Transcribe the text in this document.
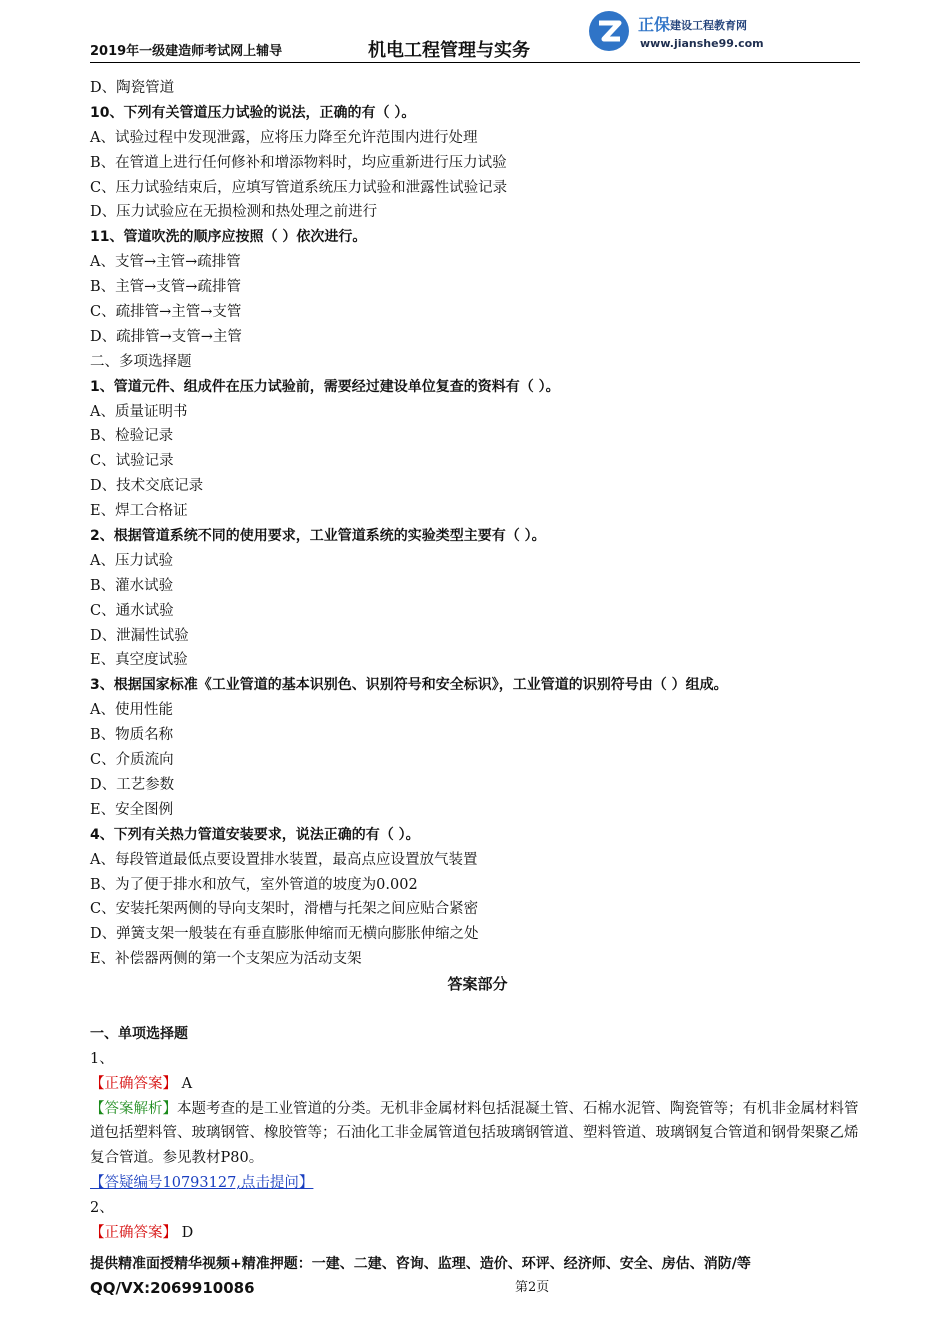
2019年一级建造师考试网上辅导	机电工程管理与实务
正保 建设工程教育网
www.jianshe99.com
D、陶瓷管道
10、下列有关管道压力试验的说法，正确的有（ ）。
A、试验过程中发现泄露，应将压力降至允许范围内进行处理
B、在管道上进行任何修补和增添物料时，均应重新进行压力试验
C、压力试验结束后，应填写管道系统压力试验和泄露性试验记录
D、压力试验应在无损检测和热处理之前进行
11、管道吹洗的顺序应按照（ ）依次进行。
A、支管→主管→疏排管
B、主管→支管→疏排管
C、疏排管→主管→支管
D、疏排管→支管→主管
二、多项选择题
1、管道元件、组成件在压力试验前，需要经过建设单位复查的资料有（ ）。
A、质量证明书
B、检验记录
C、试验记录
D、技术交底记录
E、焊工合格证
2、根据管道系统不同的使用要求，工业管道系统的实验类型主要有（ ）。
A、压力试验
B、灌水试验
C、通水试验
D、泄漏性试验
E、真空度试验
3、根据国家标准《工业管道的基本识别色、识别符号和安全标识》，工业管道的识别符号由（ ）组成。
A、使用性能
B、物质名称
C、介质流向
D、工艺参数
E、安全图例
4、下列有关热力管道安装要求，说法正确的有（ ）。
A、每段管道最低点要设置排水装置，最高点应设置放气装置
B、为了便于排水和放气，室外管道的坡度为0.002
C、安装托架两侧的导向支架时，滑槽与托架之间应贴合紧密
D、弹簧支架一般装在有垂直膨胀伸缩而无横向膨胀伸缩之处
E、补偿器两侧的第一个支架应为活动支架
答案部分
一、单项选择题
1、
【正确答案】 A
【答案解析】本题考查的是工业管道的分类。无机非金属材料包括混凝土管、石棉水泥管、陶瓷管等；有机非金属材料管道包括塑料管、玻璃钢管、橡胶管等；石油化工非金属管道包括玻璃钢管道、塑料管道、玻璃钢复合管道和钢骨架聚乙烯复合管道。参见教材P80。
【答疑编号10793127,点击提问】
2、
【正确答案】 D
提供精准面授精华视频+精准押题：一建、二建、咨询、监理、造价、环评、经济师、安全、房估、消防/等
QQ/VX:2069910086	第2页
